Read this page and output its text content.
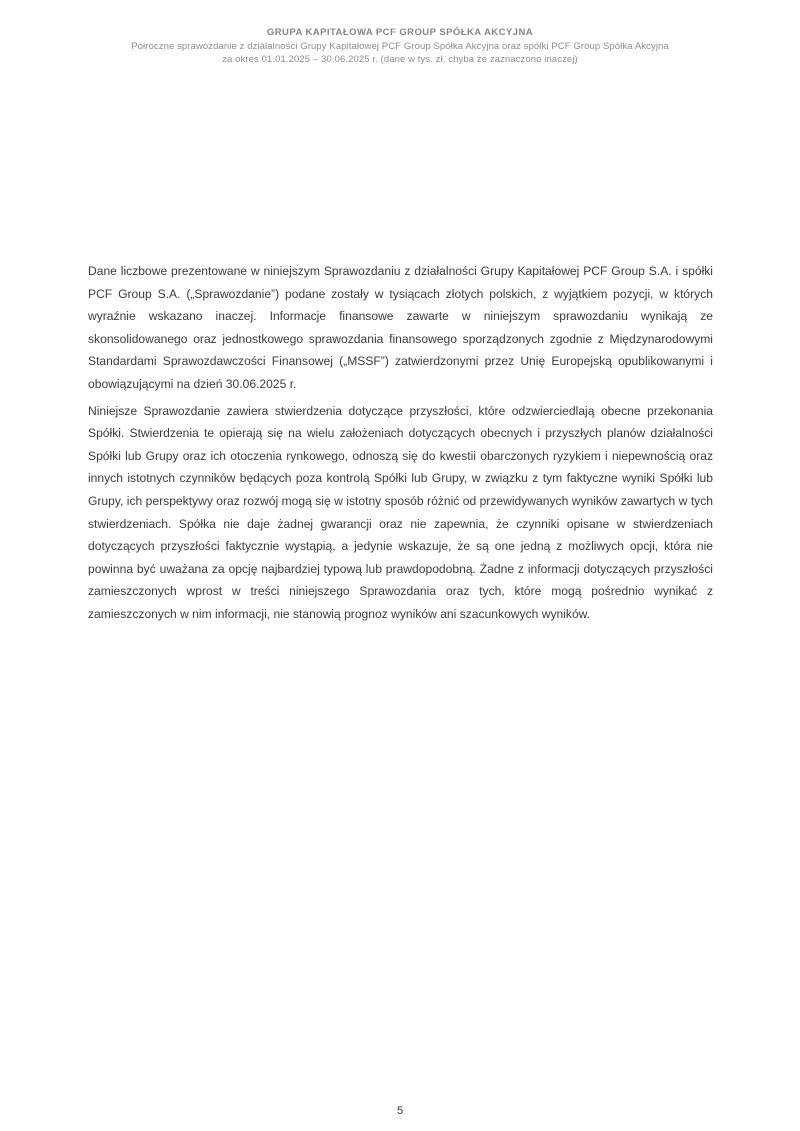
GRUPA KAPITAŁOWA PCF GROUP SPÓŁKA AKCYJNA
Półroczne sprawozdanie z działalności Grupy Kapitałowej PCF Group Spółka Akcyjna oraz spółki PCF Group Spółka Akcyjna
za okres 01.01.2025 – 30.06.2025 r. (dane w tys. zł, chyba że zaznaczono inaczej)

Dane liczbowe prezentowane w niniejszym Sprawozdaniu z działalności Grupy Kapitałowej PCF Group S.A. i spółki PCF Group S.A. („Sprawozdanie”) podane zostały w tysiącach złotych polskich, z wyjątkiem pozycji, w których wyraźnie wskazano inaczej. Informacje finansowe zawarte w niniejszym sprawozdaniu wynikają ze skonsolidowanego oraz jednostkowego sprawozdania finansowego sporządzonych zgodnie z Międzynarodowymi Standardami Sprawozdawczości Finansowej („MSSF”) zatwierdzonymi przez Unię Europejską opublikowanymi i obowiązującymi na dzień 30.06.2025 r.

Niniejsze Sprawozdanie zawiera stwierdzenia dotyczące przyszłości, które odzwierciedlają obecne przekonania Spółki. Stwierdzenia te opierają się na wielu założeniach dotyczących obecnych i przyszłych planów działalności Spółki lub Grupy oraz ich otoczenia rynkowego, odnoszą się do kwestii obarczonych ryzykiem i niepewnością oraz innych istotnych czynników będących poza kontrolą Spółki lub Grupy, w związku z tym faktyczne wyniki Spółki lub Grupy, ich perspektywy oraz rozwój mogą się w istotny sposób różnić od przewidywanych wyników zawartych w tych stwierdzeniach. Spółka nie daje żadnej gwarancji oraz nie zapewnia, że czynniki opisane w stwierdzeniach dotyczących przyszłości faktycznie wystąpią, a jedynie wskazuje, że są one jedną z możliwych opcji, która nie powinna być uważana za opcję najbardziej typową lub prawdopodobną. Żadne z informacji dotyczących przyszłości zamieszczonych wprost w treści niniejszego Sprawozdania oraz tych, które mogą pośrednio wynikać z zamieszczonych w nim informacji, nie stanowią prognoz wyników ani szacunkowych wyników.

5
